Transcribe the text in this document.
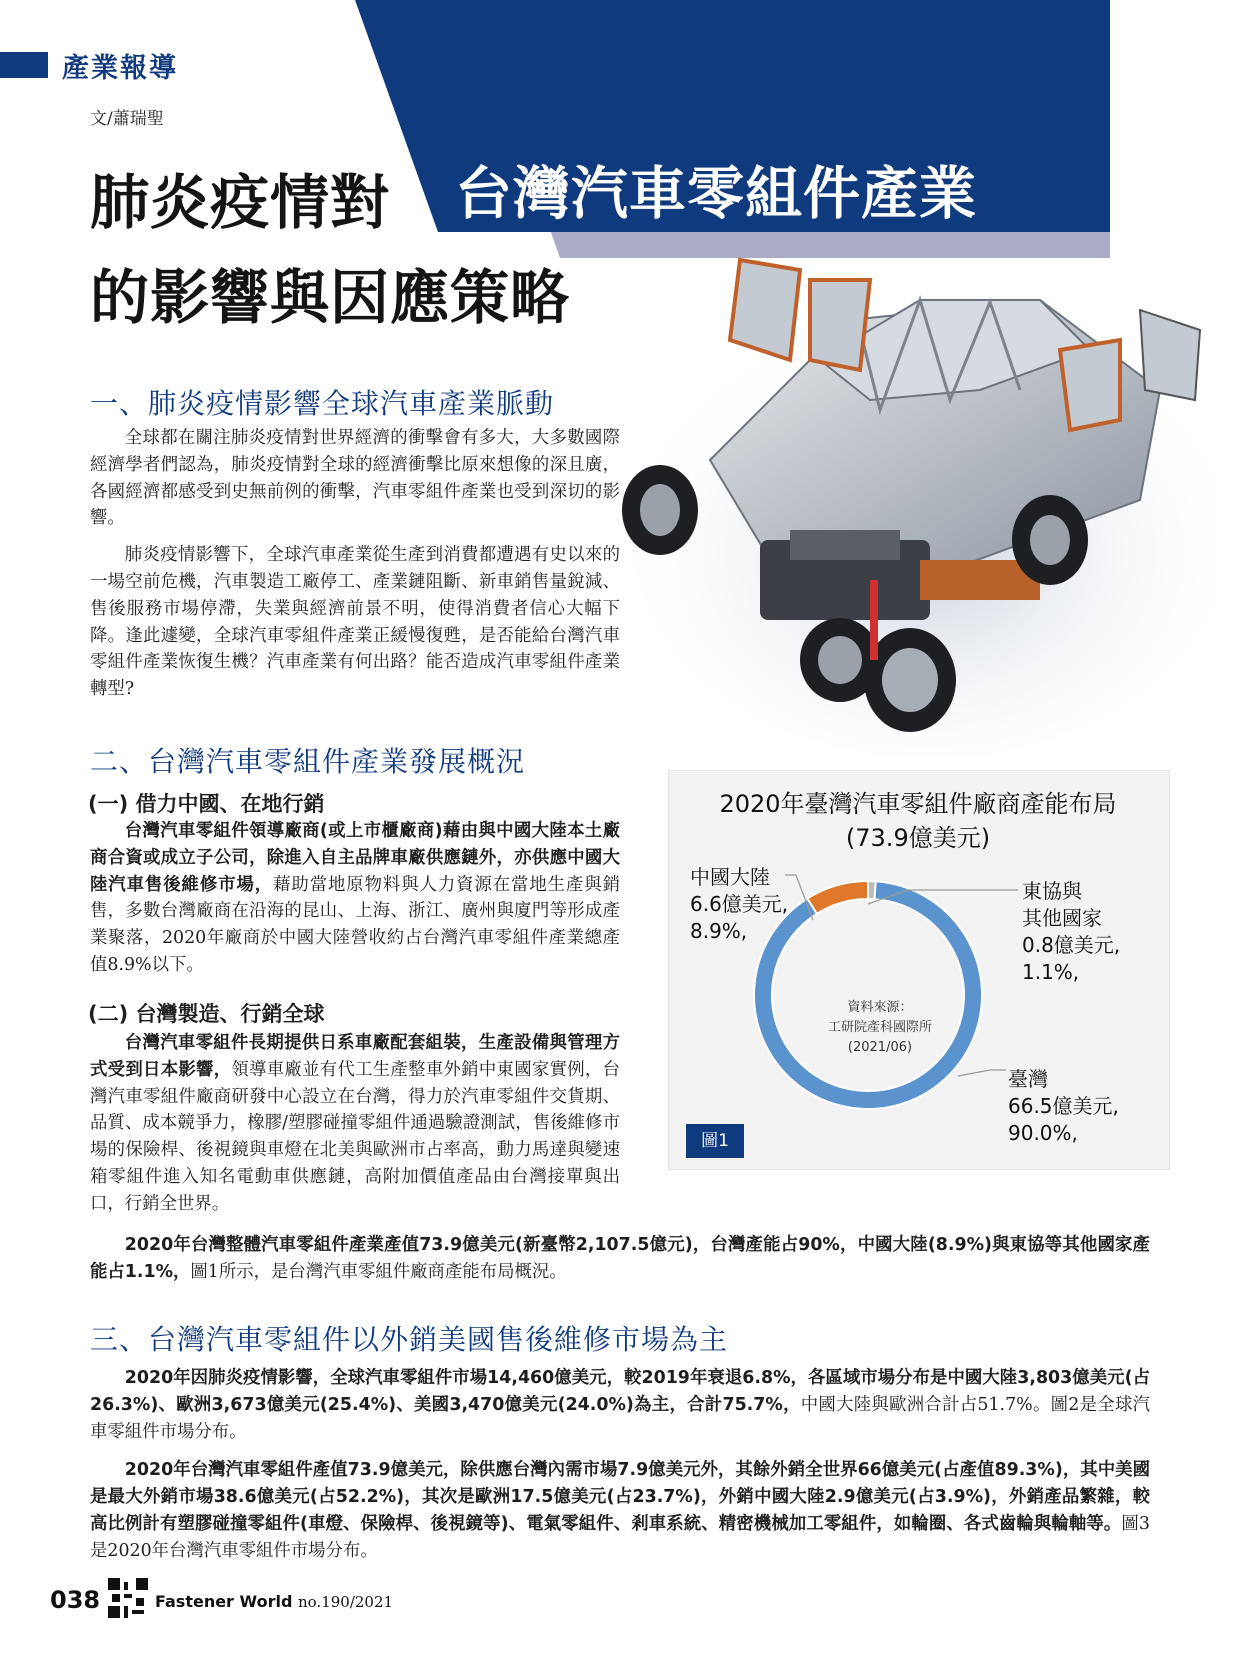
產業報導
文/蕭瑞聖
台灣汽車零組件產業
肺炎疫情對
的影響與因應策略
一、肺炎疫情影響全球汽車產業脈動

全球都在關注肺炎疫情對世界經濟的衝擊會有多大，大多數國際經濟學者們認為，肺炎疫情對全球的經濟衝擊比原來想像的深且廣，各國經濟都感受到史無前例的衝擊，汽車零組件產業也受到深切的影響。

肺炎疫情影響下，全球汽車產業從生產到消費都遭遇有史以來的一場空前危機，汽車製造工廠停工、產業鏈阻斷、新車銷售量銳減、售後服務市場停滯，失業與經濟前景不明，使得消費者信心大幅下降。逢此遽變，全球汽車零組件產業正緩慢復甦，是否能給台灣汽車零組件產業恢復生機？汽車產業有何出路？能否造成汽車零組件產業轉型?

二、台灣汽車零組件產業發展概況
(一) 借力中國、在地行銷

台灣汽車零組件領導廠商(或上市櫃廠商)藉由與中國大陸本土廠商合資或成立子公司，除進入自主品牌車廠供應鏈外，亦供應中國大陸汽車售後維修市場，藉助當地原物料與人力資源在當地生產與銷售，多數台灣廠商在沿海的昆山、上海、浙江、廣州與廈門等形成產業聚落，2020年廠商於中國大陸營收約占台灣汽車零組件產業總產值8.9%以下。

(二) 台灣製造、行銷全球

台灣汽車零組件長期提供日系車廠配套組裝，生產設備與管理方式受到日本影響，領導車廠並有代工生產整車外銷中東國家實例，台灣汽車零組件廠商研發中心設立在台灣，得力於汽車零組件交貨期、品質、成本競爭力，橡膠/塑膠碰撞零組件通過驗證測試，售後維修市場的保險桿、後視鏡與車燈在北美與歐洲市占率高，動力馬達與變速箱零組件進入知名電動車供應鏈，高附加價值產品由台灣接單與出口，行銷全世界。

2020年台灣整體汽車零組件產業產值73.9億美元(新臺幣2,107.5億元)，台灣產能占90%，中國大陸(8.9%)與東協等其他國家產能占1.1%，圖1所示，是台灣汽車零組件廠商產能布局概況。

2020年臺灣汽車零組件廠商產能布局
(73.9億美元)
中國大陸
6.6億美元,
8.9%,
東協與
其他國家
0.8億美元,
1.1%,
臺灣
66.5億美元,
90.0%,
資料來源：
工研院產科國際所
(2021/06)
圖1
三、台灣汽車零組件以外銷美國售後維修市場為主

2020年因肺炎疫情影響，全球汽車零組件市場14,460億美元，較2019年衰退6.8%，各區域市場分布是中國大陸3,803億美元(占26.3%)、歐洲3,673億美元(25.4%)、美國3,470億美元(24.0%)為主，合計75.7%，中國大陸與歐洲合計占51.7%。圖2是全球汽車零組件市場分布。

2020年台灣汽車零組件產值73.9億美元，除供應台灣內需市場7.9億美元外，其餘外銷全世界66億美元(占產值89.3%)，其中美國是最大外銷市場38.6億美元(占52.2%)，其次是歐洲17.5億美元(占23.7%)，外銷中國大陸2.9億美元(占3.9%)，外銷產品繁雜，較高比例計有塑膠碰撞零組件(車燈、保險桿、後視鏡等)、電氣零組件、剎車系統、精密機械加工零組件，如輪圈、各式齒輪與輪軸等。圖3是2020年台灣汽車零組件市場分布。

038	Fastener World no.190/2021
